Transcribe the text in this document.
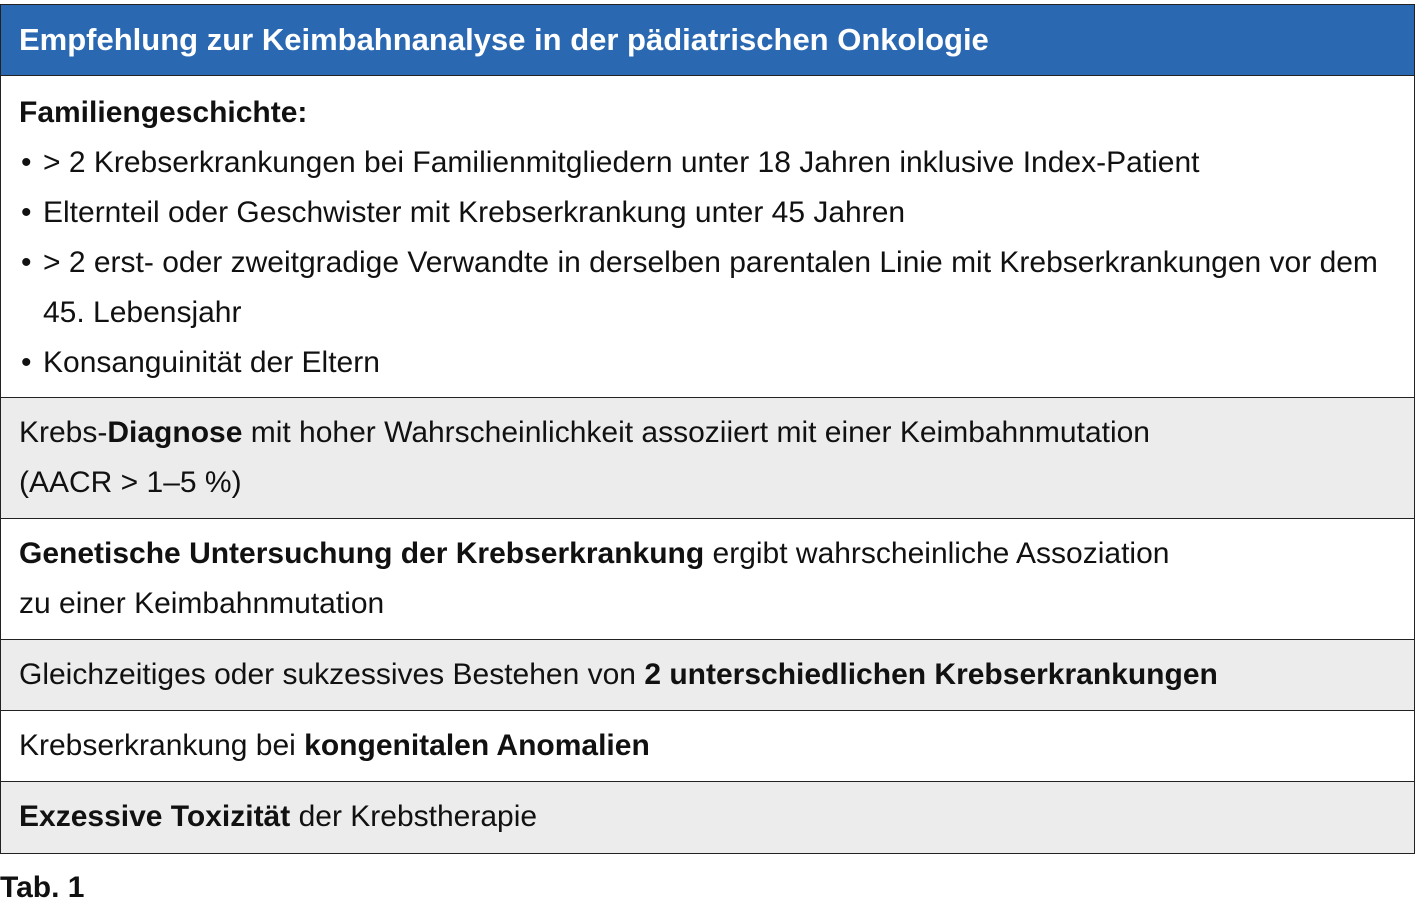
Empfehlung zur Keimbahnanalyse in der pädiatrischen Onkologie
Familiengeschichte:
• > 2 Krebserkrankungen bei Familienmitgliedern unter 18 Jahren inklusive Index-Patient
• Elternteil oder Geschwister mit Krebserkrankung unter 45 Jahren
• > 2 erst- oder zweitgradige Verwandte in derselben parentalen Linie mit Krebserkrankungen vor dem 45. Lebensjahr
• Konsanguinität der Eltern
Krebs-Diagnose mit hoher Wahrscheinlichkeit assoziiert mit einer Keimbahnmutation
(AACR > 1–5 %)
Genetische Untersuchung der Krebserkrankung ergibt wahrscheinliche Assoziation
zu einer Keimbahnmutation
Gleichzeitiges oder sukzessives Bestehen von 2 unterschiedlichen Krebserkrankungen
Krebserkrankung bei kongenitalen Anomalien
Exzessive Toxizität der Krebstherapie
Tab. 1
